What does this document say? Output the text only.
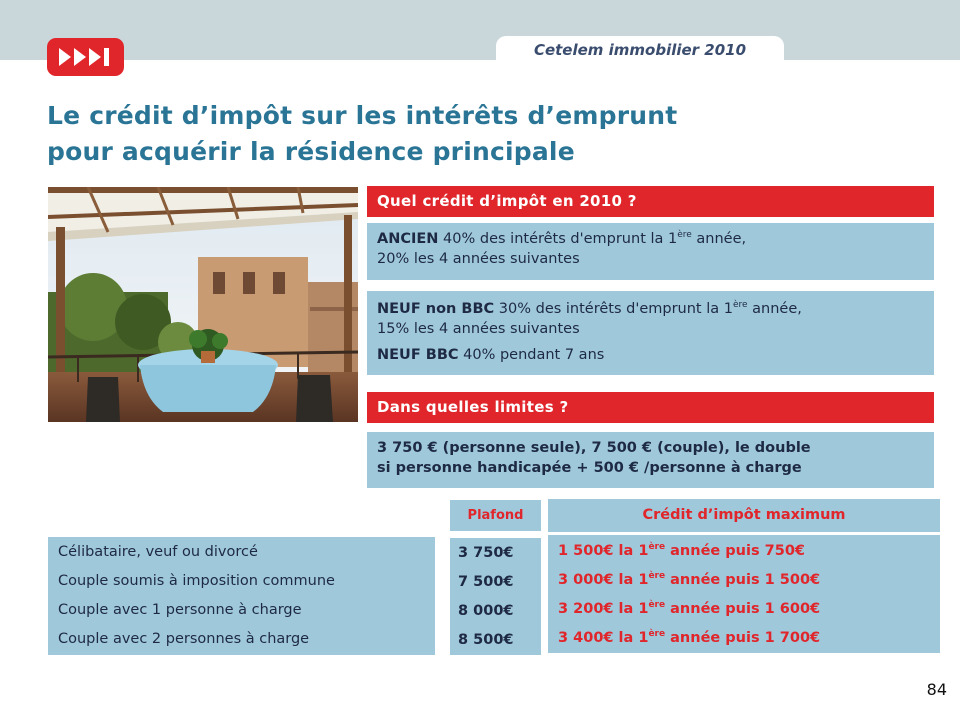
Cetelem immobilier 2010
Le crédit d’impôt sur les intérêts d’emprunt
pour acquérir la résidence principale
Quel crédit d’impôt en 2010 ?
ANCIEN 40% des intérêts d'emprunt la 1ère année,
20% les 4 années suivantes
NEUF non BBC 30% des intérêts d'emprunt la 1ère année,
15% les 4 années suivantes
NEUF BBC 40% pendant 7 ans
Dans quelles limites ?
3 750 € (personne seule), 7 500 € (couple), le double
si personne handicapée + 500 € /personne à charge
Plafond	Crédit d’impôt maximum
Célibataire, veuf ou divorcé
Couple soumis à imposition commune
Couple avec 1 personne à charge
Couple avec 2 personnes à charge
3 750€
7 500€
8 000€
8 500€
1 500€ la 1ère année puis 750€
3 000€ la 1ère année puis 1 500€
3 200€ la 1ère année puis 1 600€
3 400€ la 1ère année puis 1 700€
84
